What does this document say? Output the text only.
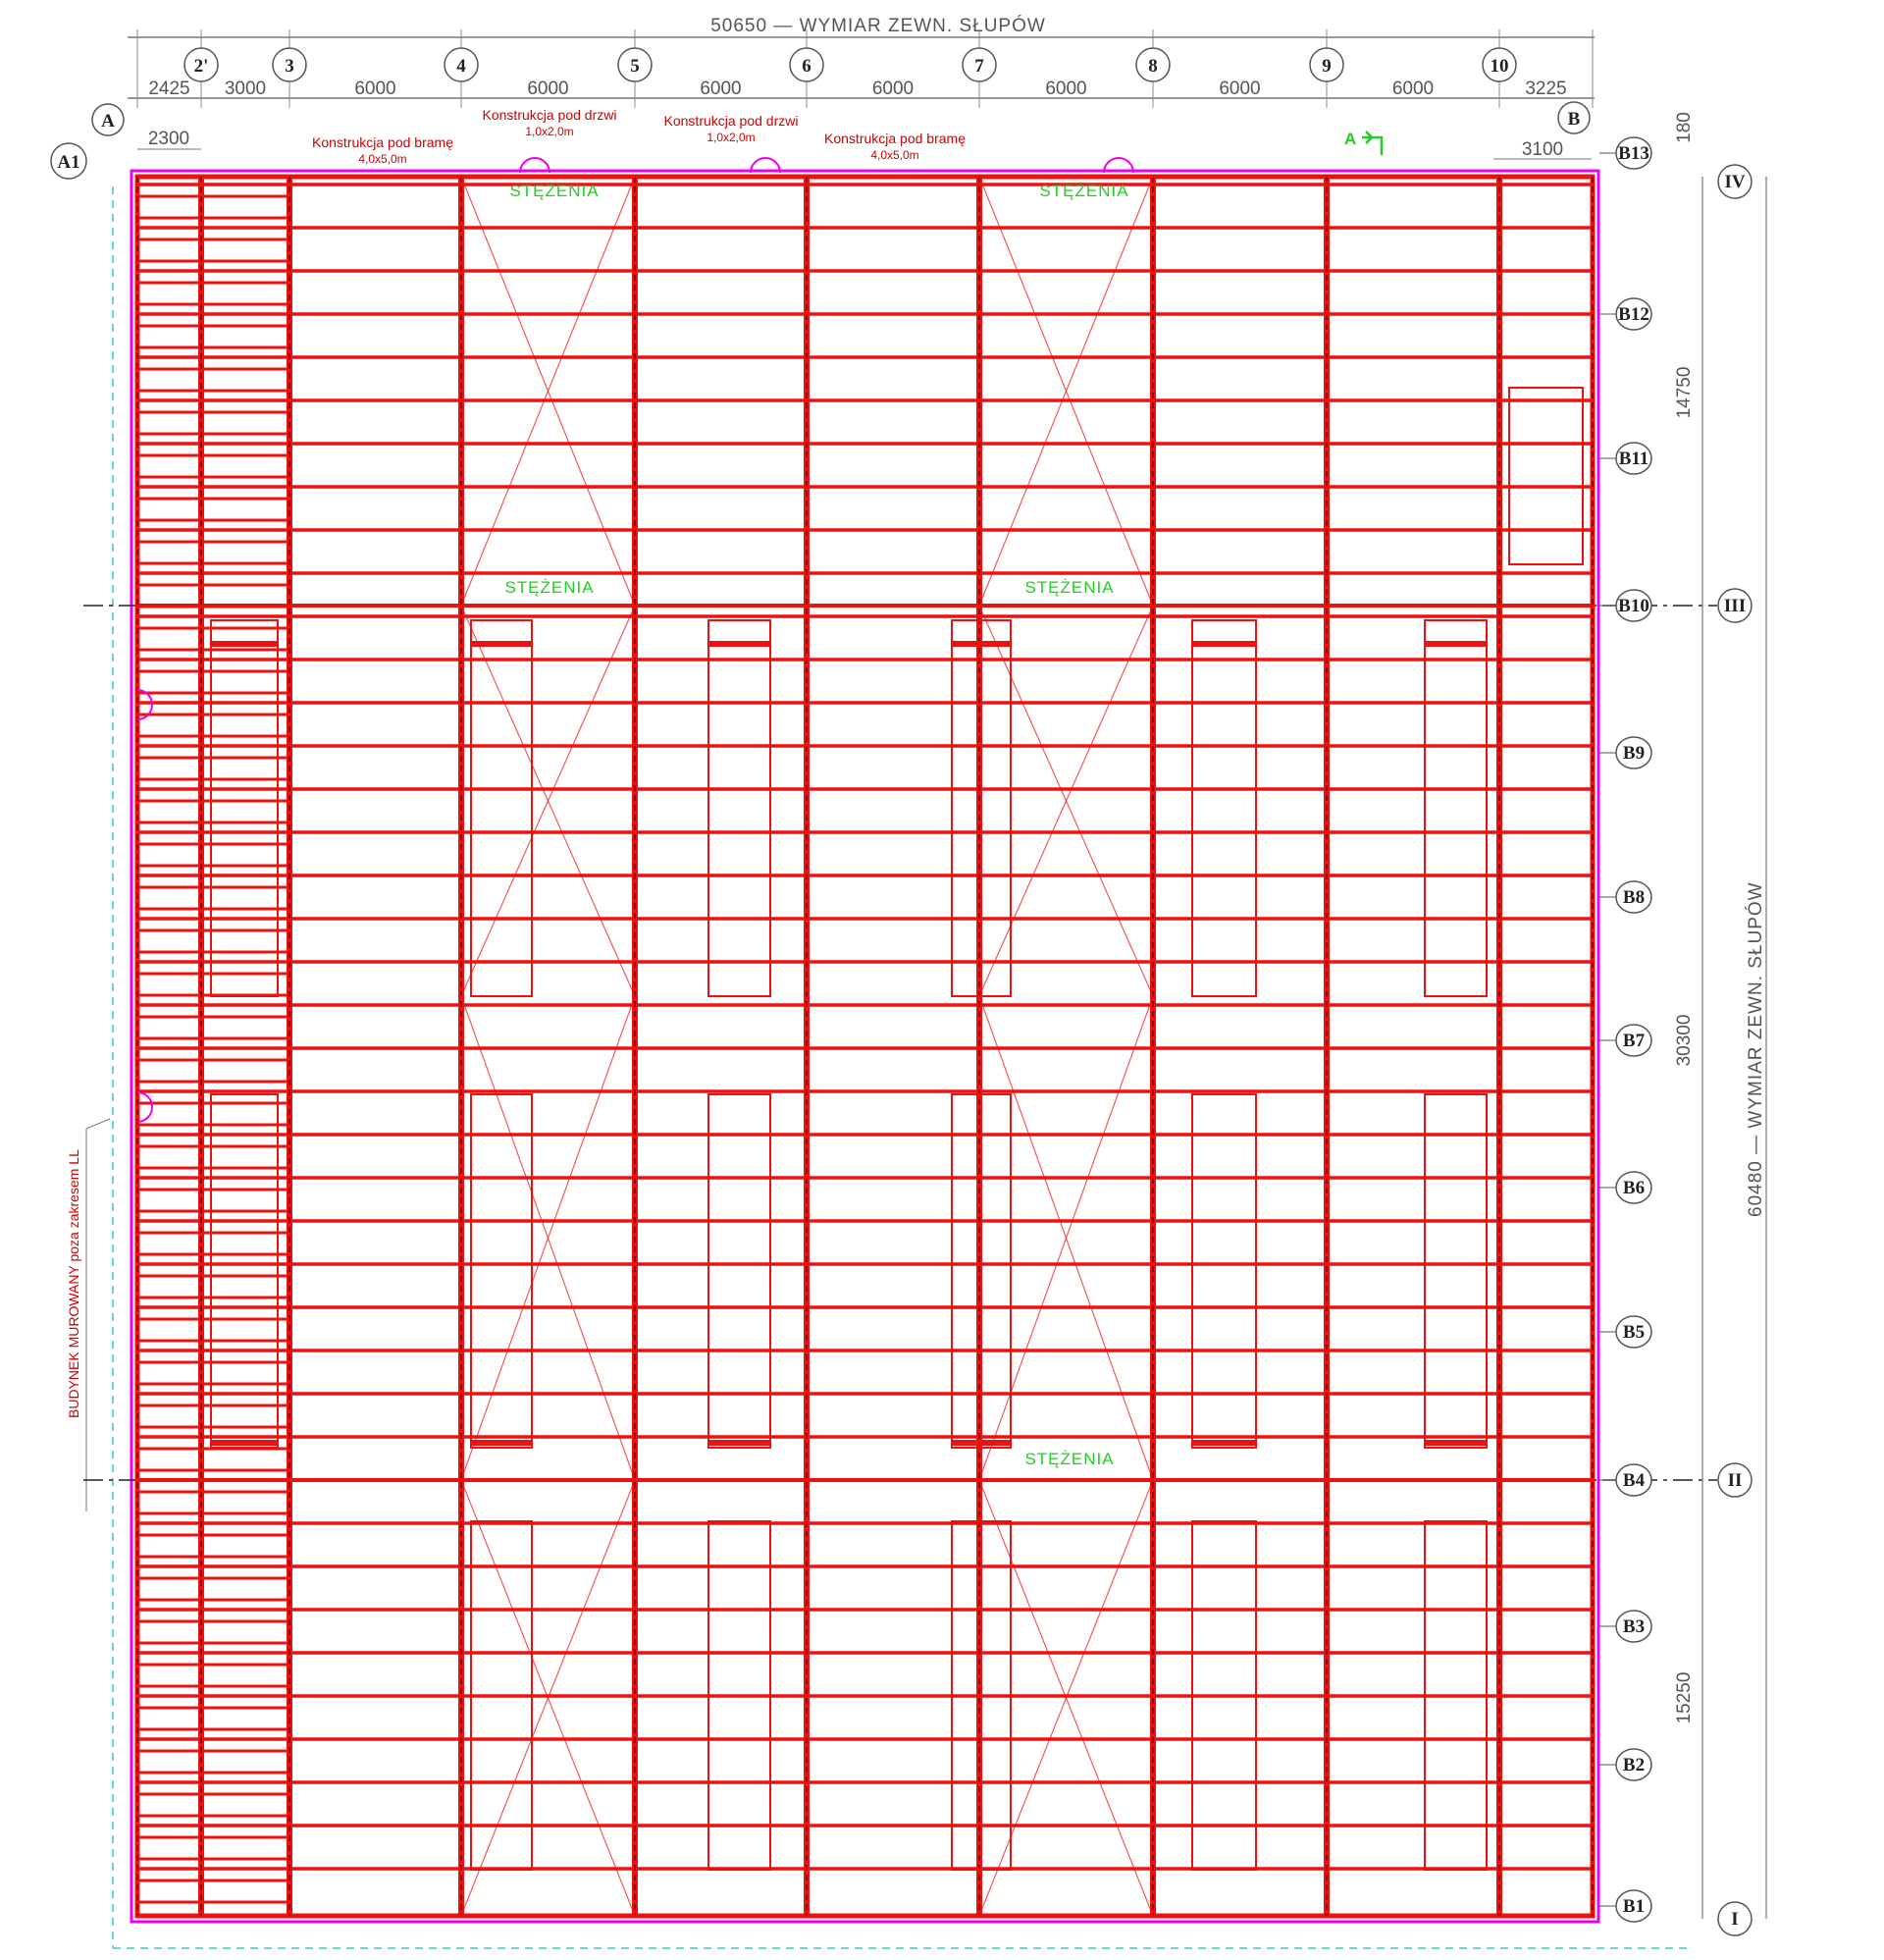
50650 — WYMIAR ZEWN. SŁUPÓW
2425 3000	6000	6000	6000	6000	6000	6000	6000	3225
2'	3	4	5	6	7	8	9	10
A	B
A1
2300
3100
Konstrukcja pod bramę 4,0x5,0m
Konstrukcja pod drzwi 1,0x2,0m
Konstrukcja pod drzwi 1,0x2,0m	Konstrukcja pod bramę 4,0x5,0m
A
BUDYNEK MUROWANY poza zakresem LL
STĘŻENIA	STĘŻENIA
STĘŻENIA	STĘŻENIA
STĘŻENIA
B13
B12
B11
B10
B9
B8
B7
B6
B5
B4
B3
B2
B1
IV
III
II
I
180
14750
30300
15250
60480 — WYMIAR ZEWN. SŁUPÓW
